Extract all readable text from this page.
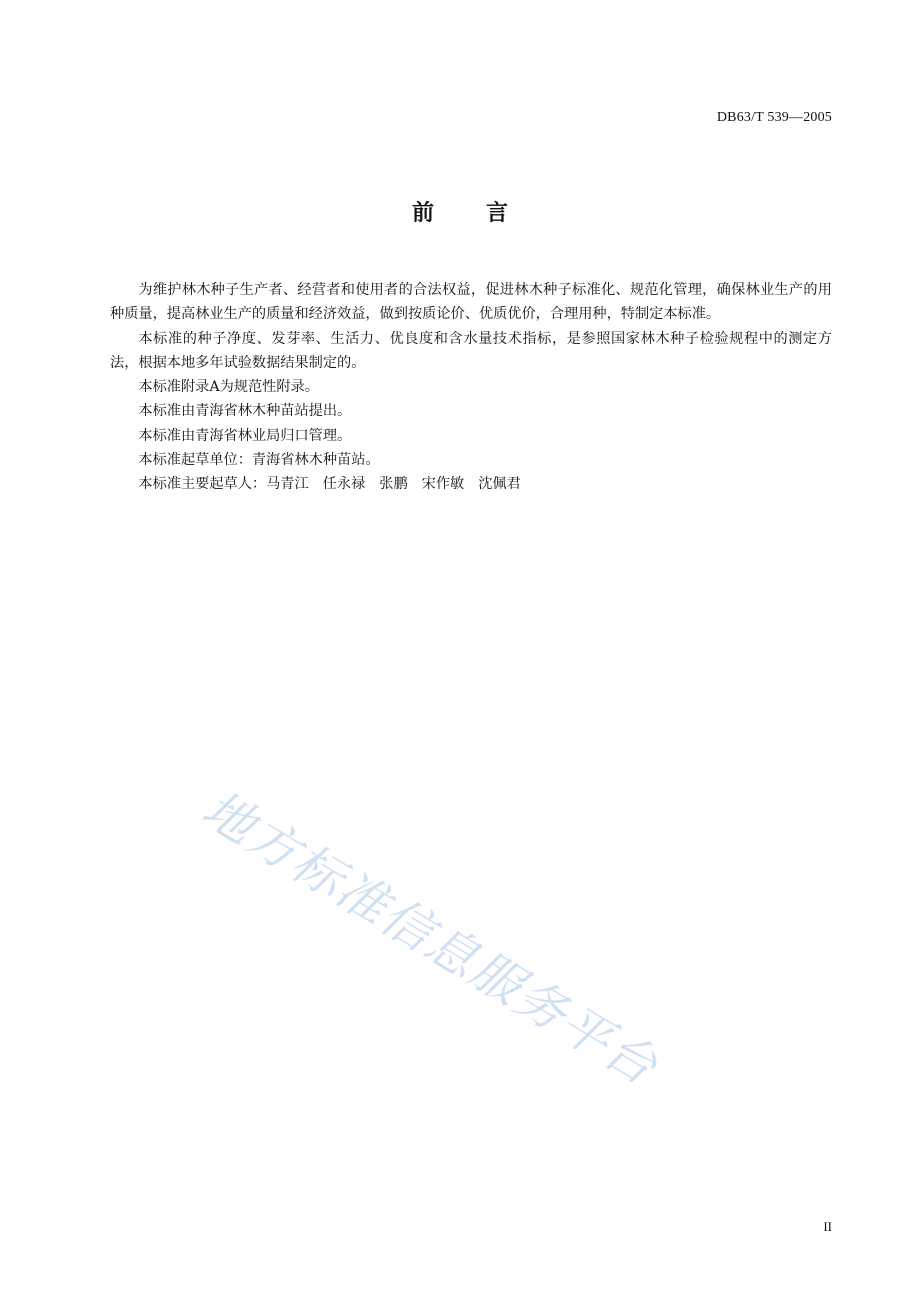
DB63/T 539—2005
前 言

为维护林木种子生产者、经营者和使用者的合法权益，促进林木种子标准化、规范化管理，确保林业生产的用种质量，提高林业生产的质量和经济效益，做到按质论价、优质优价，合理用种，特制定本标准。

本标准的种子净度、发芽率、生活力、优良度和含水量技术指标，是参照国家林木种子检验规程中的测定方法，根据本地多年试验数据结果制定的。

本标准附录A为规范性附录。

本标准由青海省林木种苗站提出。

本标准由青海省林业局归口管理。

本标准起草单位：青海省林木种苗站。

本标准主要起草人：马青江 任永禄 张鹏 宋作敏 沈佩君

地方标准信息服务平台
II
